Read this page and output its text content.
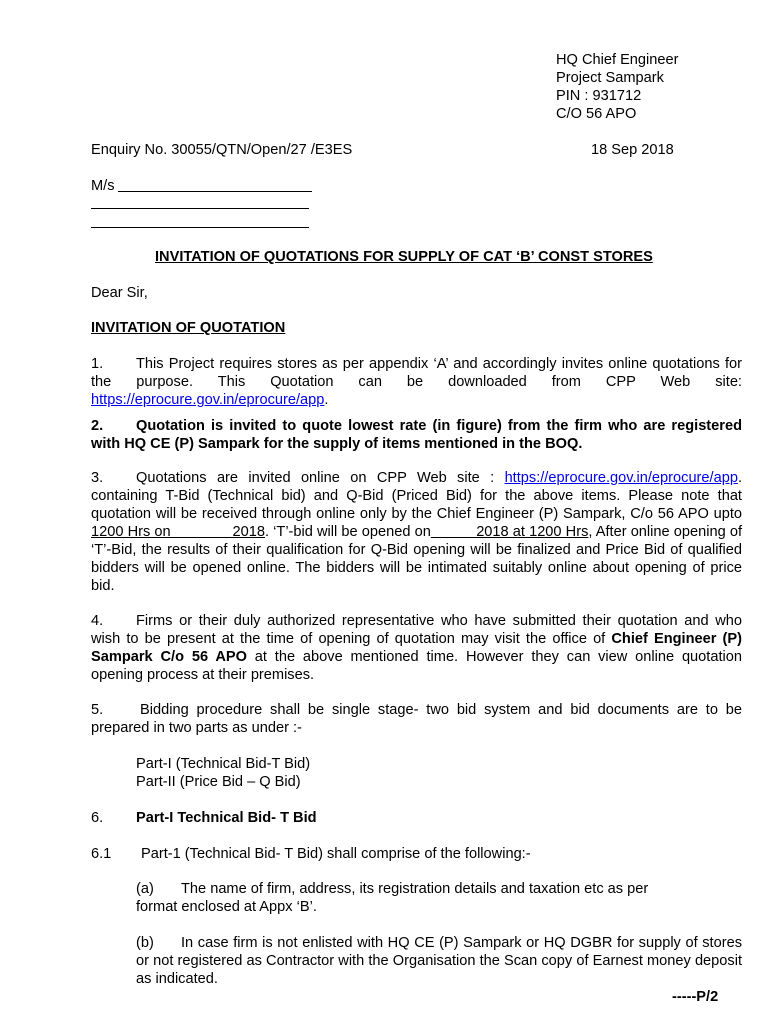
HQ Chief Engineer
Project Sampark
PIN : 931712
C/O 56 APO
Enquiry No. 30055/QTN/Open/27 /E3ES	18 Sep 2018
M/s
INVITATION OF QUOTATIONS FOR SUPPLY OF CAT ‘B’ CONST STORES
Dear Sir,
INVITATION OF QUOTATION
1. This Project requires stores as per appendix ‘A’ and accordingly invites online quotations for the purpose. This Quotation can be downloaded from CPP Web site: https://eprocure.gov.in/eprocure/app.
2. Quotation is invited to quote lowest rate (in figure) from the firm who are registered with HQ CE (P) Sampark for the supply of items mentioned in the BOQ.
3. Quotations are invited online on CPP Web site : https://eprocure.gov.in/eprocure/app. containing T-Bid (Technical bid) and Q-Bid (Priced Bid) for the above items. Please note that quotation will be received through online only by the Chief Engineer (P) Sampark, C/o 56 APO upto 1200 Hrs on               2018. ‘T’-bid will be opened on           2018 at 1200 Hrs, After online opening of ‘T’-Bid, the results of their qualification for Q-Bid opening will be finalized and Price Bid of qualified bidders will be opened online. The bidders will be intimated suitably online about opening of price bid.
4. Firms or their duly authorized representative who have submitted their quotation and who wish to be present at the time of opening of quotation may visit the office of Chief Engineer (P) Sampark C/o 56 APO at the above mentioned time. However they can view online quotation opening process at their premises.
5.	Bidding procedure shall be single stage- two bid system and bid documents are to be prepared in two parts as under :-
Part-I (Technical Bid-T Bid)
Part-II (Price Bid – Q Bid)
6. Part-I Technical Bid- T Bid
6.1 Part-1 (Technical Bid- T Bid) shall comprise of the following:-
(a) The name of firm, address, its registration details and taxation etc as per
format enclosed at Appx ‘B’.
(b) In case firm is not enlisted with HQ CE (P) Sampark or HQ DGBR for supply of stores or not registered as Contractor with the Organisation the Scan copy of Earnest money deposit as indicated.
-----P/2
